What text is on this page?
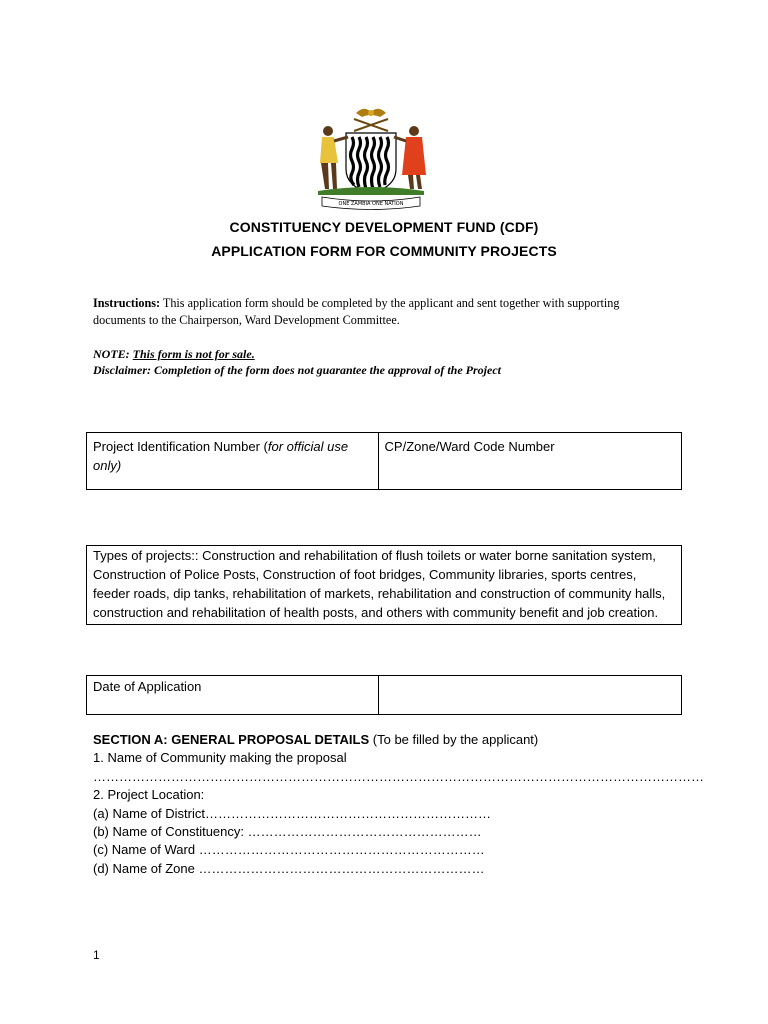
ONE ZAMBIA ONE NATION
CONSTITUENCY DEVELOPMENT FUND (CDF)
APPLICATION FORM FOR COMMUNITY PROJECTS
Instructions: This application form should be completed by the applicant and sent together with supporting documents to the Chairperson, Ward Development Committee.
NOTE: This form is not for sale.
Disclaimer: Completion of the form does not guarantee the approval of the Project
Project Identification Number (for official use only)	CP/Zone/Ward Code Number
Types of projects:: Construction and rehabilitation of flush toilets or water borne sanitation system, Construction of Police Posts, Construction of foot bridges, Community libraries, sports centres, feeder roads, dip tanks, rehabilitation of markets, rehabilitation and construction of community halls, construction and rehabilitation of health posts, and others with community benefit and job creation.
Date of Application	
SECTION A: GENERAL PROPOSAL DETAILS (To be filled by the applicant)
1. Name of Community making the proposal
……………………………………………………………………………………………………………………………
2. Project Location:
(a) Name of District…………………………………………………………
(b) Name of Constituency: ………………………………………………
(c) Name of Ward …………………………………………………………
(d) Name of Zone …………………………………………………………
1
